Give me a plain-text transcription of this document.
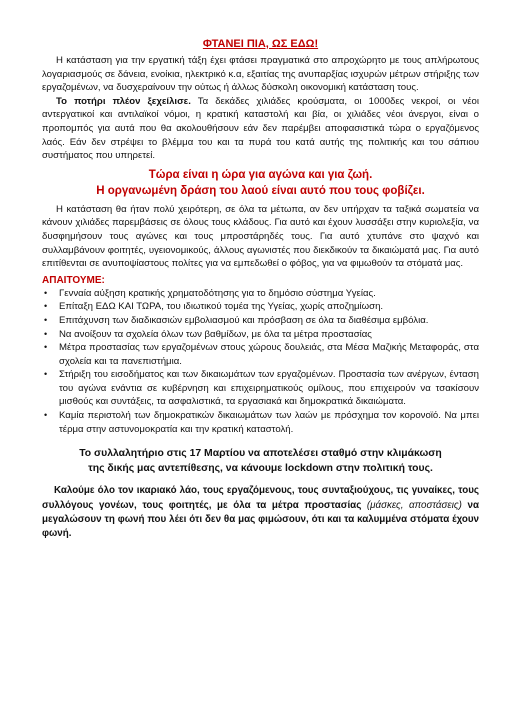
ΦΤΑΝΕΙ ΠΙΑ, ΩΣ ΕΔΩ!

Η κατάσταση για την εργατική τάξη έχει φτάσει πραγματικά στο απροχώρητο με τους απλήρωτους λογαριασμούς σε δάνεια, ενοίκια, ηλεκτρικό κ.α, εξαιτίας της ανυπαρξίας ισχυρών μέτρων στήριξης των εργαζομένων, να δυσχεραίνουν την ούτως ή άλλως δύσκολη οικονομική κατάσταση τους.

Το ποτήρι πλέον ξεχείλισε. Τα δεκάδες χιλιάδες κρούσματα, οι 1000δες νεκροί, οι νέοι αντεργατικοί και αντιλαϊκοί νόμοι, η κρατική καταστολή και βία, οι χιλιάδες νέοι άνεργοι, είναι ο προπομπός για αυτά που θα ακολουθήσουν εάν δεν παρέμβει αποφασιστικά τώρα ο εργαζόμενος λαός. Εάν δεν στρέψει το βλέμμα του και τα πυρά του κατά αυτής της πολιτικής και του σάπιου συστήματος που υπηρετεί.

Τώρα είναι η ώρα για αγώνα και για ζωή.
Η οργανωμένη δράση του λαού είναι αυτό που τους φοβίζει.

Η κατάσταση θα ήταν πολύ χειρότερη, σε όλα τα μέτωπα, αν δεν υπήρχαν τα ταξικά σωματεία να κάνουν χιλιάδες παρεμβάσεις σε όλους τους κλάδους. Για αυτό και έχουν λυσσάξει στην κυριολεξία, να δυσφημήσουν τους αγώνες και τους μπροστάρηδές τους. Για αυτό χτυπάνε στο ψαχνό και συλλαμβάνουν φοιτητές, υγειονομικούς, άλλους αγωνιστές που διεκδικούν τα δικαιώματά μας. Για αυτό επιτίθενται σε ανυποψίαστους πολίτες για να εμπεδωθεί ο φόβος, για να φιμωθούν τα στόματά μας.

ΑΠΑΙΤΟΥΜΕ:
• Γενναία αύξηση κρατικής χρηματοδότησης για το δημόσιο σύστημα Υγείας.
• Επίταξη ΕΔΩ ΚΑΙ ΤΩΡΑ, του ιδιωτικού τομέα της Υγείας, χωρίς αποζημίωση.
• Επιτάχυνση των διαδικασιών εμβολιασμού και πρόσβαση σε όλα τα διαθέσιμα εμβόλια.
• Να ανοίξουν τα σχολεία όλων των βαθμίδων, με όλα τα μέτρα προστασίας
• Μέτρα προστασίας των εργαζομένων στους χώρους δουλειάς, στα Μέσα Μαζικής Μεταφοράς, στα σχολεία και τα πανεπιστήμια.
• Στήριξη του εισοδήματος και των δικαιωμάτων των εργαζομένων. Προστασία των ανέργων, ένταση του αγώνα ενάντια σε κυβέρνηση και επιχειρηματικούς ομίλους, που επιχειρούν να τσακίσουν μισθούς και συντάξεις, τα ασφαλιστικά, τα εργασιακά και δημοκρατικά δικαιώματα.
• Καμία περιστολή των δημοκρατικών δικαιωμάτων των λαών με πρόσχημα τον κορονοϊό. Να μπει τέρμα στην αστυνομοκρατία και την κρατική καταστολή.
Το συλλαλητήριο στις 17 Μαρτίου να αποτελέσει σταθμό στην κλιμάκωση
της δικής μας αντεπίθεσης, να κάνουμε lockdown στην πολιτική τους.

Καλούμε όλο τον ικαριακό λάο, τους εργαζόμενους, τους συνταξιούχους, τις γυναίκες, τους συλλόγους γονέων, τους φοιτητές, με όλα τα μέτρα προστασίας (μάσκες, αποστάσεις) να μεγαλώσουν τη φωνή που λέει ότι δεν θα μας φιμώσουν, ότι και τα καλυμμένα στόματα έχουν φωνή.
